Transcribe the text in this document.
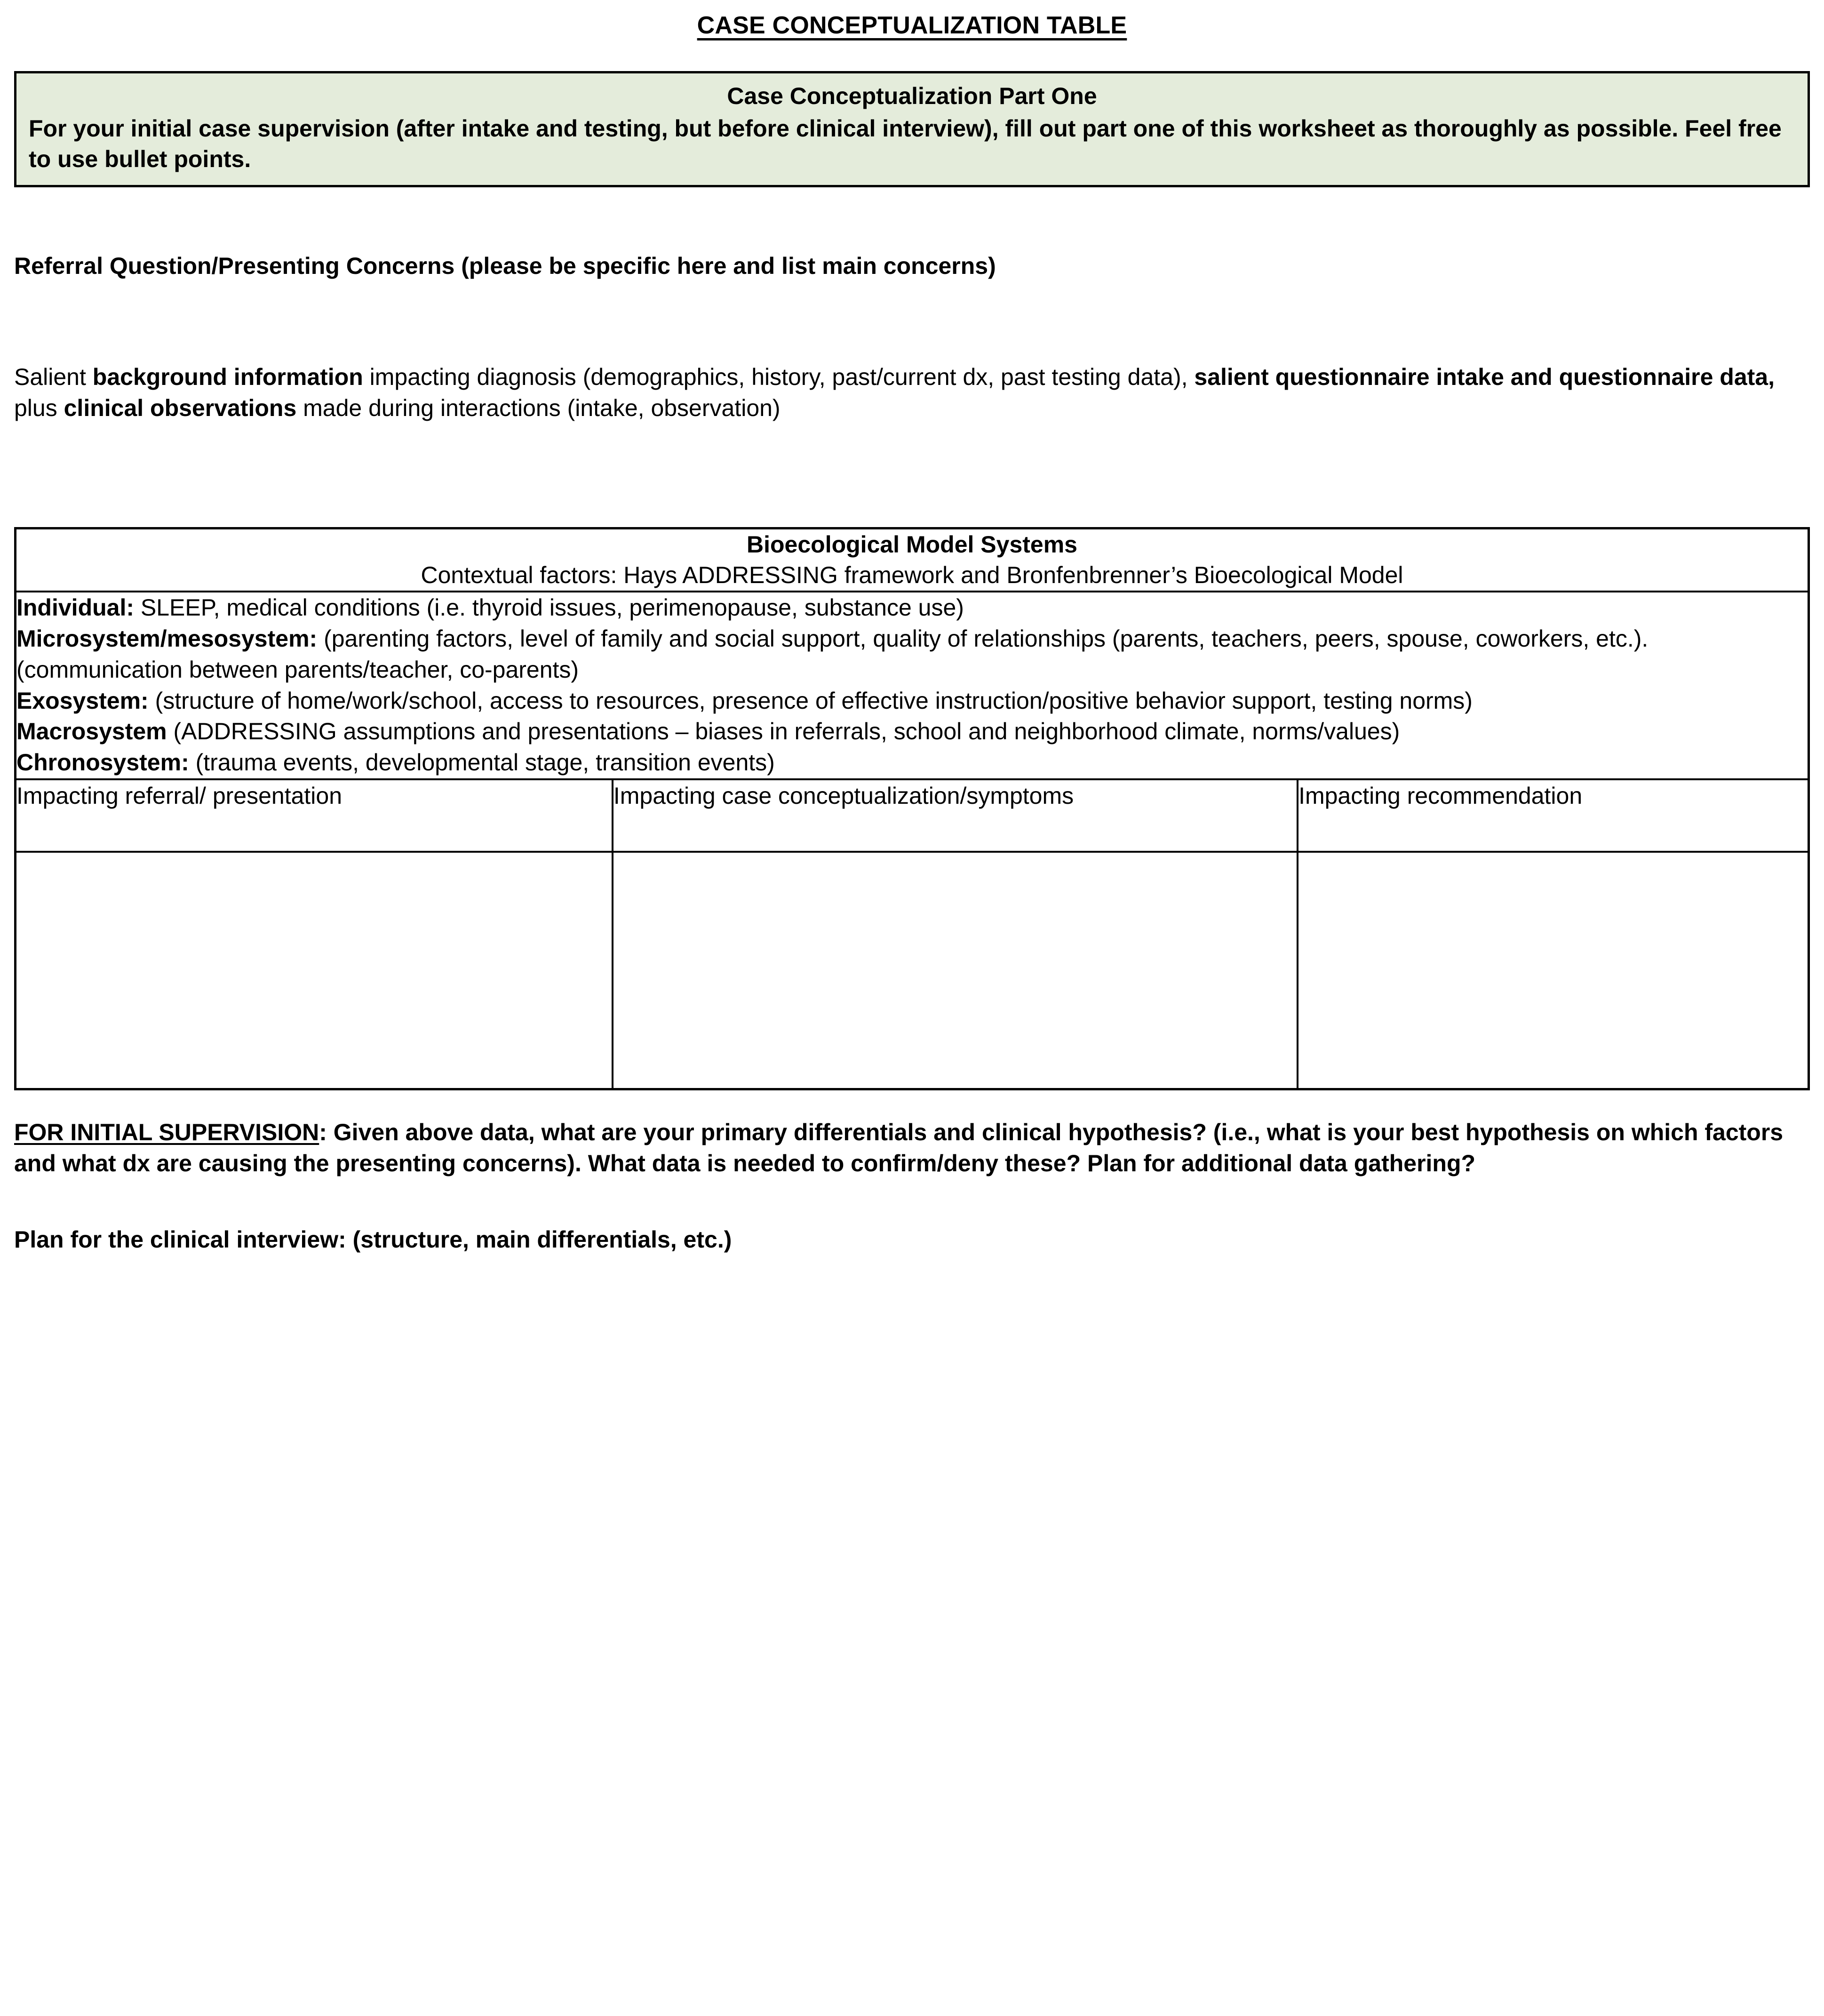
CASE CONCEPTUALIZATION TABLE
Case Conceptualization Part One
For your initial case supervision (after intake and testing, but before clinical interview), fill out part one of this worksheet as thoroughly as possible. Feel free to use bullet points.
Referral Question/Presenting Concerns (please be specific here and list main concerns)
Salient background information impacting diagnosis (demographics, history, past/current dx, past testing data), salient questionnaire intake and questionnaire data, plus clinical observations made during interactions (intake, observation)
Bioecological Model Systems
Contextual factors: Hays ADDRESSING framework and Bronfenbrenner’s Bioecological Model		

Individual: SLEEP, medical conditions (i.e. thyroid issues, perimenopause, substance use)
Microsystem/mesosystem: (parenting factors, level of family and social support, quality of relationships (parents, teachers, peers, spouse, coworkers, etc.). (communication between parents/teacher, co-parents)
Exosystem: (structure of home/work/school, access to resources, presence of effective instruction/positive behavior support, testing norms)
Macrosystem (ADDRESSING assumptions and presentations – biases in referrals, school and neighborhood climate, norms/values)
Chronosystem: (trauma events, developmental stage, transition events)		

Impacting referral/ presentation	Impacting case conceptualization/symptoms	Impacting recommendation

FOR INITIAL SUPERVISION: Given above data, what are your primary differentials and clinical hypothesis? (i.e., what is your best hypothesis on which factors and what dx are causing the presenting concerns). What data is needed to confirm/deny these? Plan for additional data gathering?
Plan for the clinical interview: (structure, main differentials, etc.)
